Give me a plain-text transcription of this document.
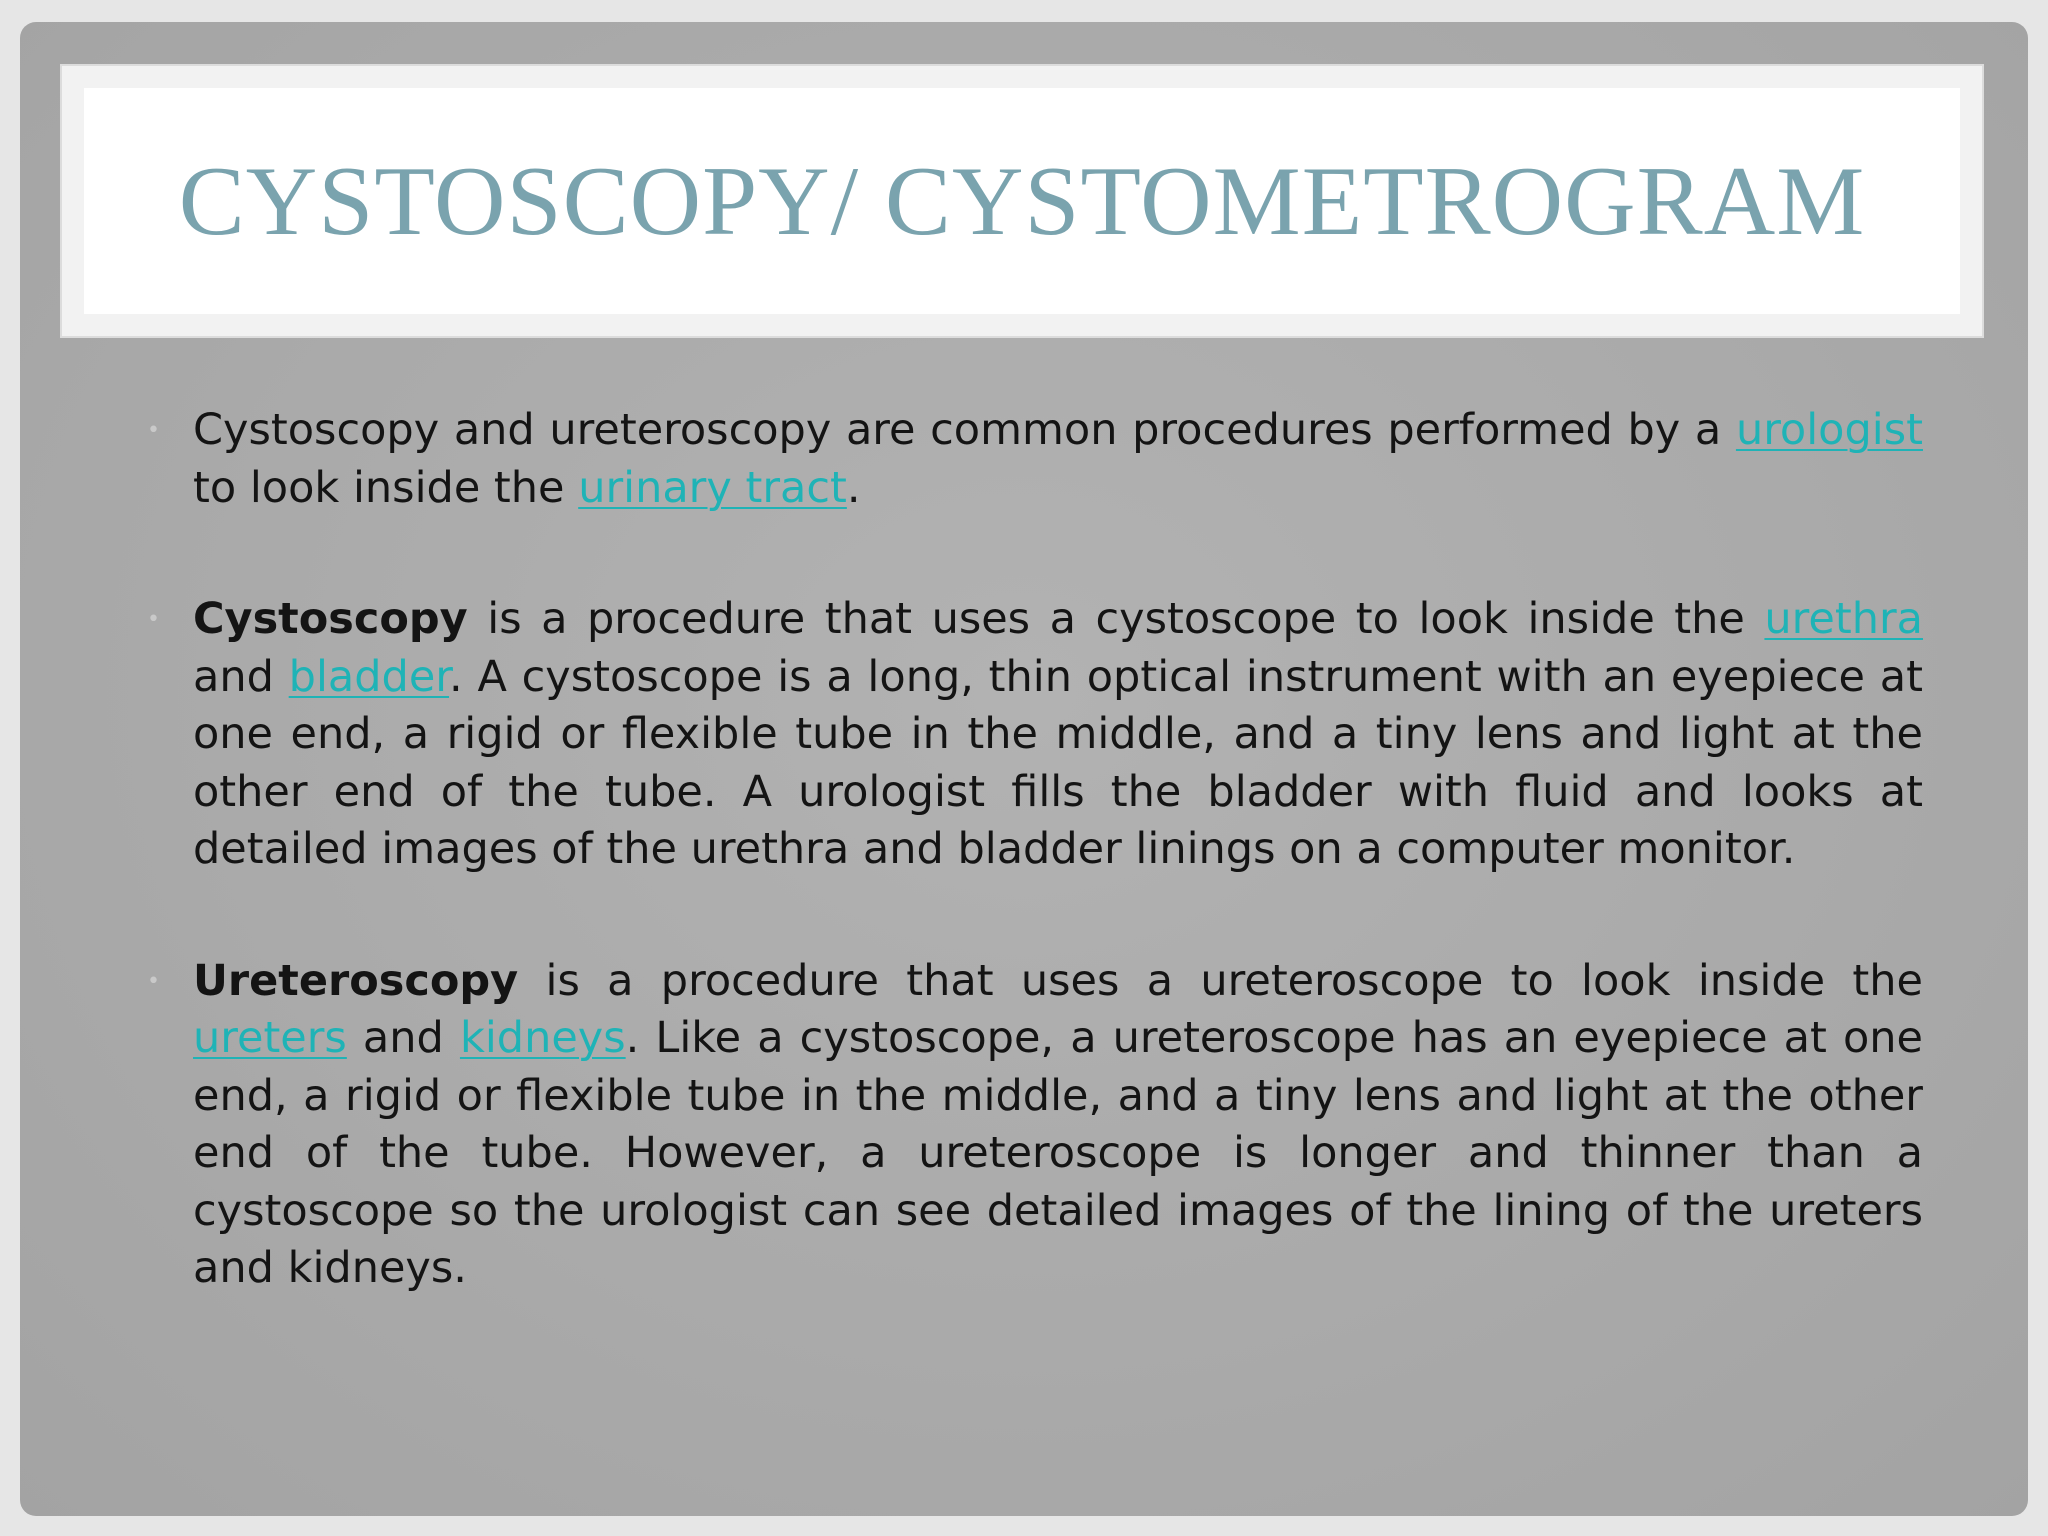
CYSTOSCOPY/ CYSTOMETROGRAM

• Cystoscopy and ureteroscopy are common procedures performed by a urologist to look inside the urinary tract.

• Cystoscopy is a procedure that uses a cystoscope to look inside the urethra and bladder. A cystoscope is a long, thin optical instrument with an eyepiece at one end, a rigid or flexible tube in the middle, and a tiny lens and light at the other end of the tube. A urologist fills the bladder with fluid and looks at detailed images of the urethra and bladder linings on a computer monitor.

• Ureteroscopy is a procedure that uses a ureteroscope to look inside the ureters and kidneys. Like a cystoscope, a ureteroscope has an eyepiece at one end, a rigid or flexible tube in the middle, and a tiny lens and light at the other end of the tube. However, a ureteroscope is longer and thinner than a cystoscope so the urologist can see detailed images of the lining of the ureters and kidneys.
